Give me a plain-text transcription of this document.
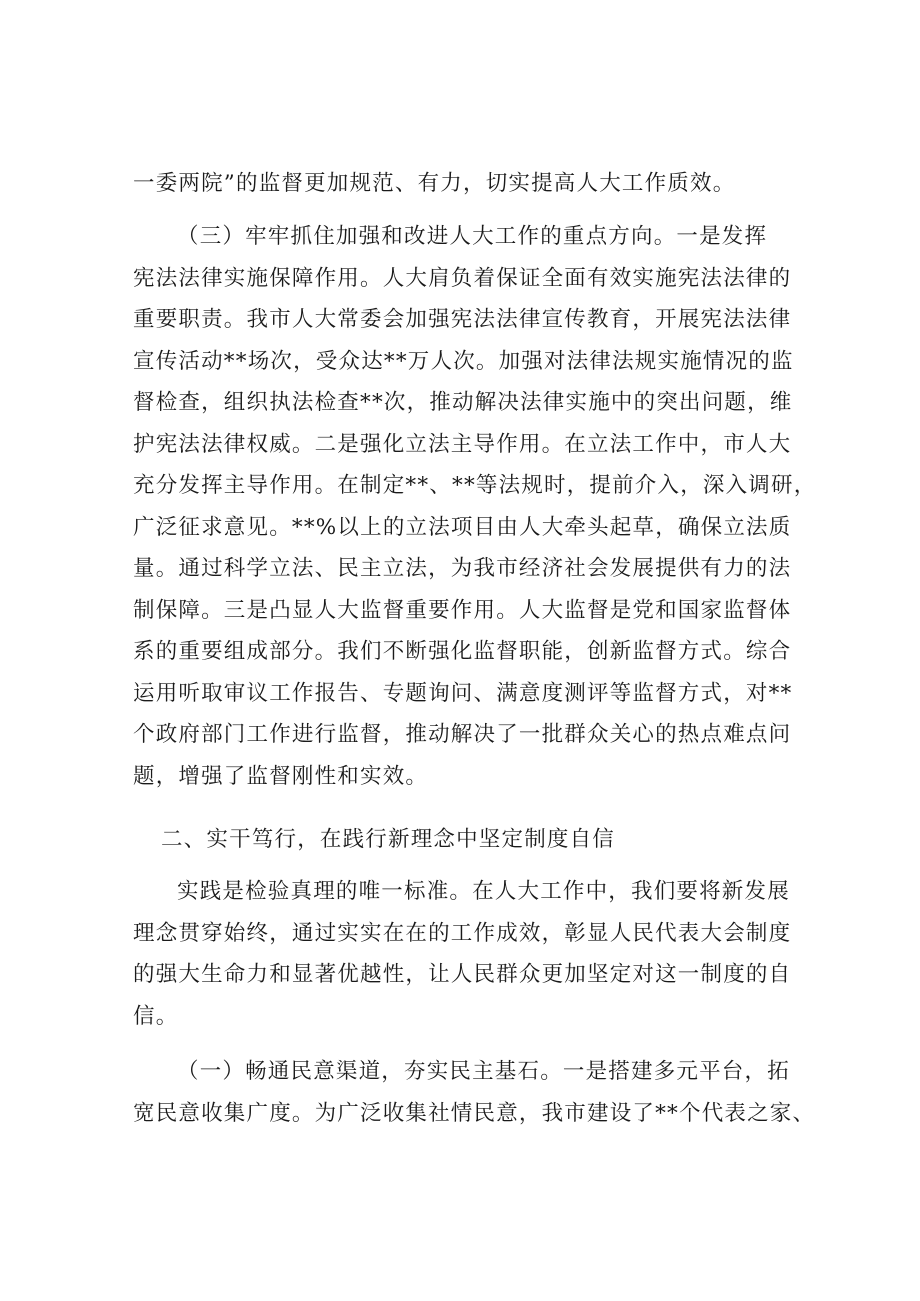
一委两院”的监督更加规范、有力，切实提高人大工作质效。

（三）牢牢抓住加强和改进人大工作的重点方向。一是发挥
宪法法律实施保障作用。人大肩负着保证全面有效实施宪法法律的
重要职责。我市人大常委会加强宪法法律宣传教育，开展宪法法律
宣传活动**场次，受众达**万人次。加强对法律法规实施情况的监
督检查，组织执法检查**次，推动解决法律实施中的突出问题，维
护宪法法律权威。二是强化立法主导作用。在立法工作中，市人大
充分发挥主导作用。在制定**、**等法规时，提前介入，深入调研，
广泛征求意见。**%以上的立法项目由人大牵头起草，确保立法质
量。通过科学立法、民主立法，为我市经济社会发展提供有力的法
制保障。三是凸显人大监督重要作用。人大监督是党和国家监督体
系的重要组成部分。我们不断强化监督职能，创新监督方式。综合
运用听取审议工作报告、专题询问、满意度测评等监督方式，对**
个政府部门工作进行监督，推动解决了一批群众关心的热点难点问
题，增强了监督刚性和实效。

二、实干笃行，在践行新理念中坚定制度自信

实践是检验真理的唯一标准。在人大工作中，我们要将新发展
理念贯穿始终，通过实实在在的工作成效，彰显人民代表大会制度
的强大生命力和显著优越性，让人民群众更加坚定对这一制度的自
信。

（一）畅通民意渠道，夯实民主基石。一是搭建多元平台，拓
宽民意收集广度。为广泛收集社情民意，我市建设了**个代表之家、
